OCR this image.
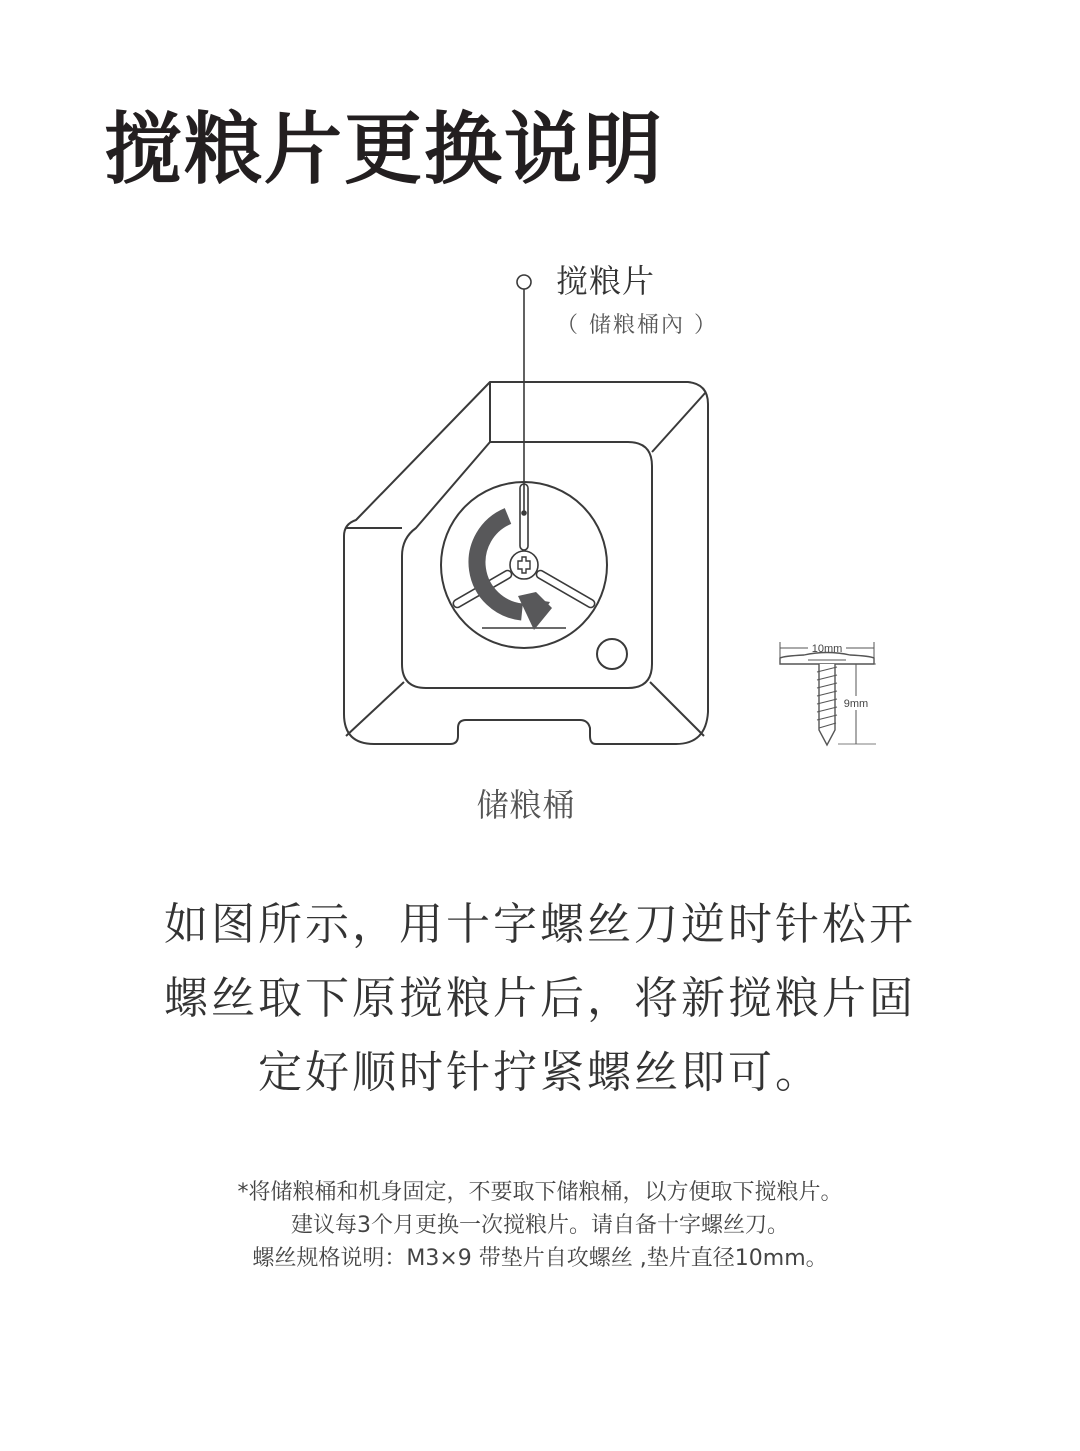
搅粮片更换说明
10mm
9mm
搅粮片
（ 储粮桶內 ）
储粮桶
如图所示，用十字螺丝刀逆时针松开
螺丝取下原搅粮片后，将新搅粮片固
定好顺时针拧紧螺丝即可。
*将储粮桶和机身固定，不要取下储粮桶，以方便取下搅粮片。
建议每3个月更换一次搅粮片。请自备十字螺丝刀。
螺丝规格说明：M3×9 带垫片自攻螺丝 ,垫片直径10mm。
